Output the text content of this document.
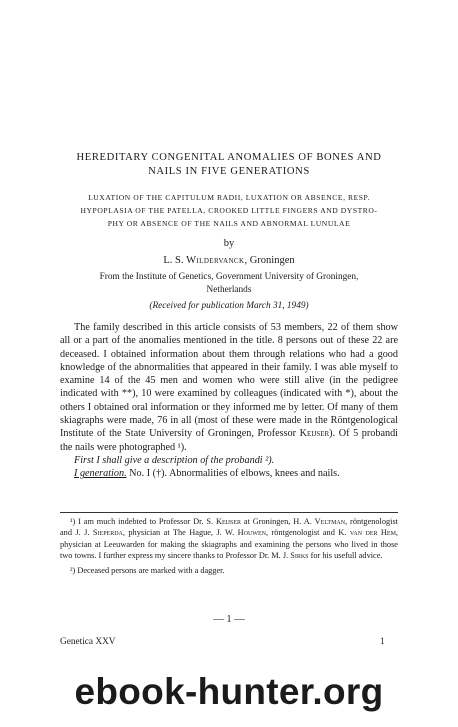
HEREDITARY CONGENITAL ANOMALIES OF BONES AND
NAILS IN FIVE GENERATIONS
LUXATION OF THE CAPITULUM RADII, LUXATION OR ABSENCE, RESP.
HYPOPLASIA OF THE PATELLA, CROOKED LITTLE FINGERS AND DYSTRO-
PHY OR ABSENCE OF THE NAILS AND ABNORMAL LUNULAE
by
L. S. Wildervanck, Groningen
From the Institute of Genetics, Government University of Groningen,
Netherlands
(Received for publication March 31, 1949)

The family described in this article consists of 53 members, 22 of them show all or a part of the anomalies mentioned in the title. 8 persons out of these 22 are deceased. I obtained information about them through relations who had a good knowledge of the abnormalities that appeared in their family. I was able myself to examine 14 of the 45 men and women who were still alive (in the pedigree indicated with **), 10 were examined by colleagues (indicated with *), about the others I obtained oral information or they informed me by letter. Of many of them skiagraphs were made, 76 in all (most of these were made in the Röntgenological Institute of the State University of Groningen, Professor Keijser). Of 5 probandi the nails were photographed ¹).

First I shall give a description of the probandi ²).

I generation. No. I (†). Abnormalities of elbows, knees and nails.

¹) I am much indebted to Professor Dr. S. Keijser at Groningen, H. A. Veltman, röntgenologist and J. J. Sieperda, physician at The Hague, J. W. Houwen, röntgenologist and K. van der Hem, physician at Leeuwarden for making the skiagraphs and examining the persons who lived in those two towns. I further express my sincere thanks to Professor Dr. M. J. Sirks for his usefull advice.

²) Deceased persons are marked with a dagger.

— 1 —
Genetica XXV	1
ebook-hunter.org
